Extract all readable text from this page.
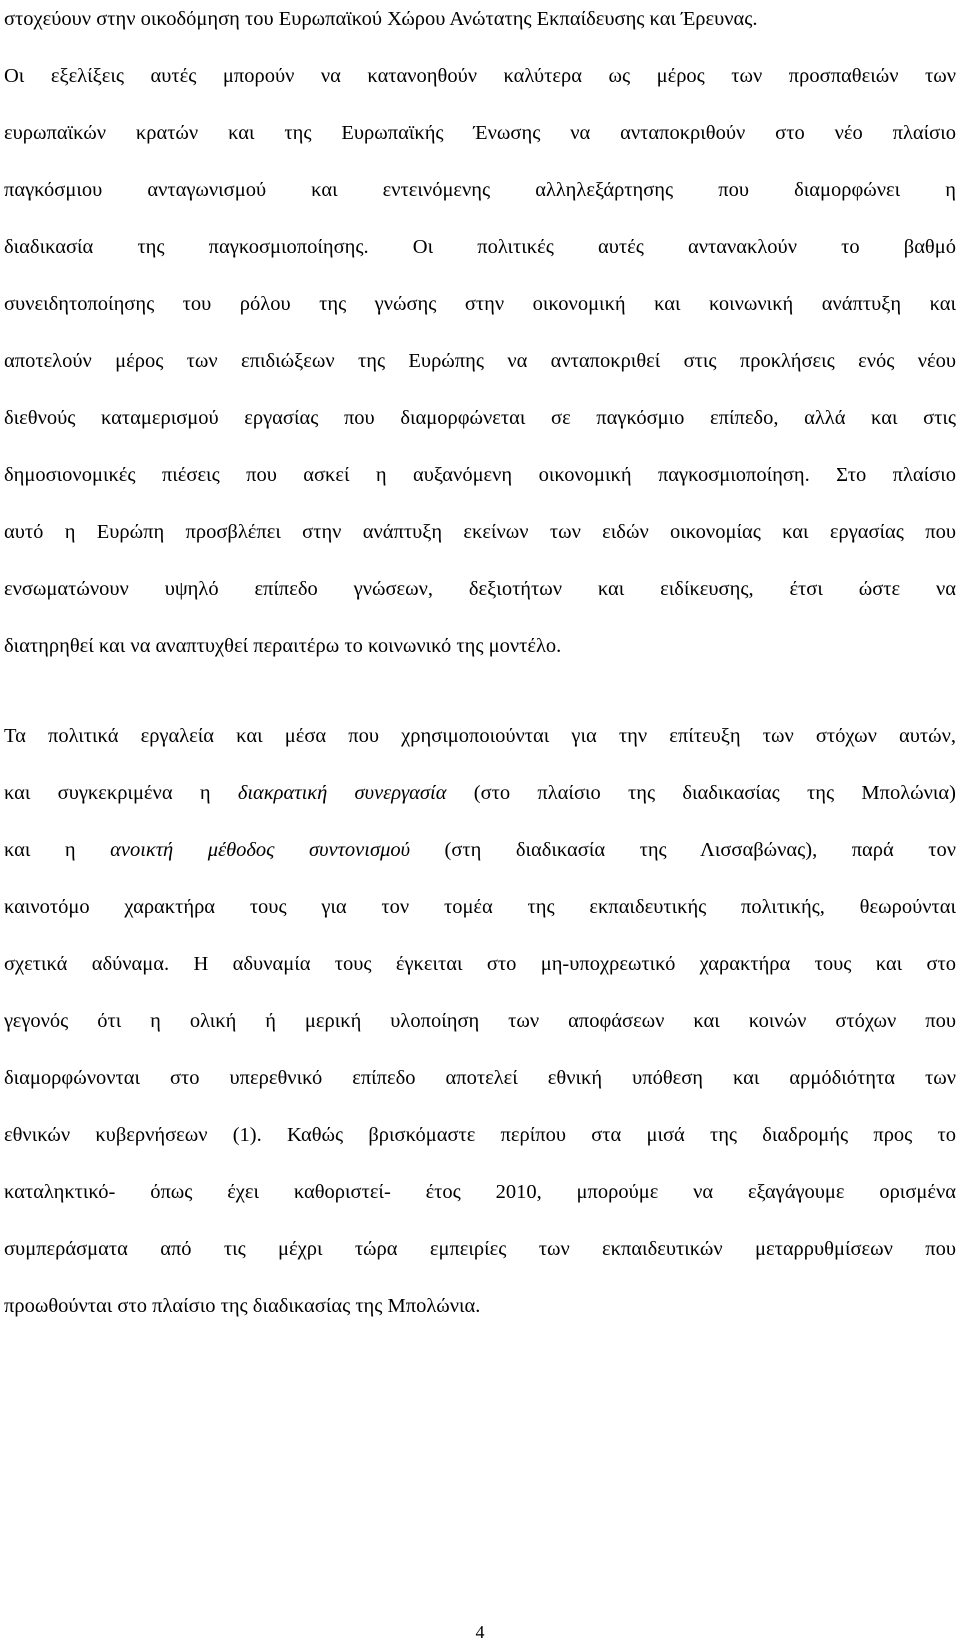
στοχεύουν στην οικοδόμηση του Ευρωπαϊκού Χώρου Ανώτατης Εκπαίδευσης και Έρευνας.
Οι εξελίξεις αυτές μπορούν να κατανοηθούν καλύτερα ως μέρος των προσπαθειών των
ευρωπαϊκών κρατών και της Ευρωπαϊκής Ένωσης να ανταποκριθούν στο νέο πλαίσιο
παγκόσμιου ανταγωνισμού και εντεινόμενης αλληλεξάρτησης που διαμορφώνει η
διαδικασία της παγκοσμιοποίησης. Οι πολιτικές αυτές αντανακλούν το βαθμό
συνειδητοποίησης του ρόλου της γνώσης στην οικονομική και κοινωνική ανάπτυξη και
αποτελούν μέρος των επιδιώξεων της Ευρώπης να ανταποκριθεί στις προκλήσεις ενός νέου
διεθνούς καταμερισμού εργασίας που διαμορφώνεται σε παγκόσμιο επίπεδο, αλλά και στις
δημοσιονομικές πιέσεις που ασκεί η αυξανόμενη οικονομική παγκοσμιοποίηση. Στο πλαίσιο
αυτό η Ευρώπη προσβλέπει στην ανάπτυξη εκείνων των ειδών οικονομίας και εργασίας που
ενσωματώνουν υψηλό επίπεδο γνώσεων, δεξιοτήτων και ειδίκευσης, έτσι ώστε να
διατηρηθεί και να αναπτυχθεί περαιτέρω το κοινωνικό της μοντέλο.
Τα πολιτικά εργαλεία και μέσα που χρησιμοποιούνται για την επίτευξη των στόχων αυτών,
και συγκεκριμένα η διακρατική συνεργασία (στο πλαίσιο της διαδικασίας της Μπολώνια)
και η ανοικτή μέθοδος συντονισμού (στη διαδικασία της Λισσαβώνας), παρά τον
καινοτόμο χαρακτήρα τους για τον τομέα της εκπαιδευτικής πολιτικής, θεωρούνται
σχετικά αδύναμα. Η αδυναμία τους έγκειται στο μη-υποχρεωτικό χαρακτήρα τους και στο
γεγονός ότι η ολική ή μερική υλοποίηση των αποφάσεων και κοινών στόχων που
διαμορφώνονται στο υπερεθνικό επίπεδο αποτελεί εθνική υπόθεση και αρμόδιότητα των
εθνικών κυβερνήσεων (1). Καθώς βρισκόμαστε περίπου στα μισά της διαδρομής προς το
καταληκτικό- όπως έχει καθοριστεί- έτος 2010, μπορούμε να εξαγάγουμε ορισμένα
συμπεράσματα από τις μέχρι τώρα εμπειρίες των εκπαιδευτικών μεταρρυθμίσεων που
προωθούνται στο πλαίσιο της διαδικασίας της Μπολώνια.
4
